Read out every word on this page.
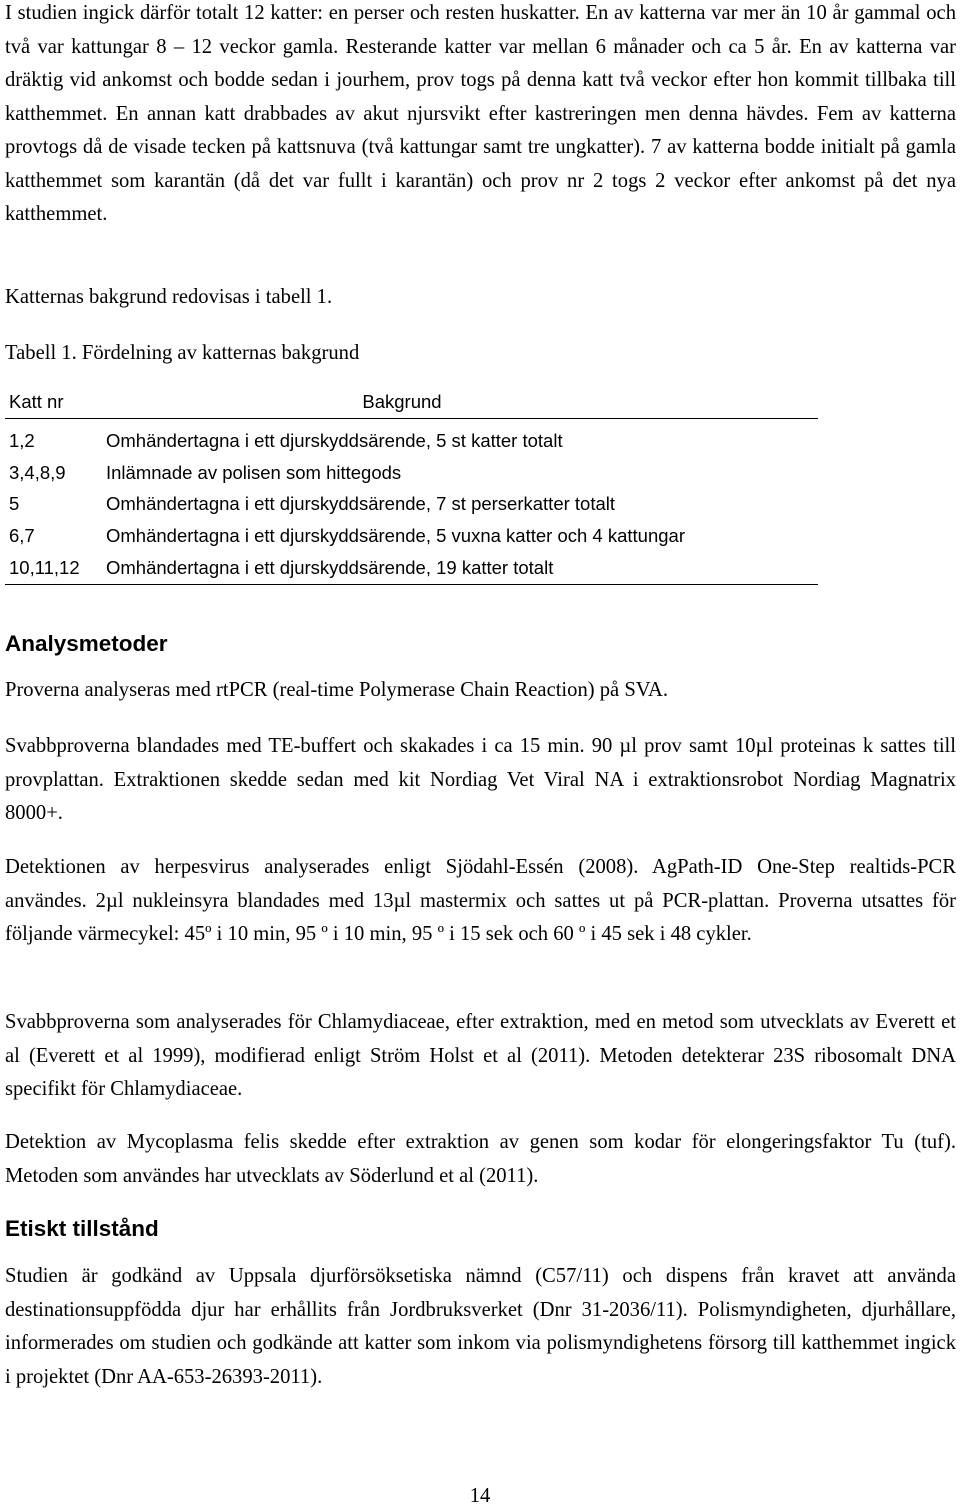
I studien ingick därför totalt 12 katter: en perser och resten huskatter. En av katterna var mer än 10 år gammal och två var kattungar 8 – 12 veckor gamla. Resterande katter var mellan 6 månader och ca 5 år. En av katterna var dräktig vid ankomst och bodde sedan i jourhem, prov togs på denna katt två veckor efter hon kommit tillbaka till katthemmet. En annan katt drabbades av akut njursvikt efter kastreringen men denna hävdes. Fem av katterna provtogs då de visade tecken på kattsnuva (två kattungar samt tre ungkatter). 7 av katterna bodde initialt på gamla katthemmet som karantän (då det var fullt i karantän) och prov nr 2 togs 2 veckor efter ankomst på det nya katthemmet.

Katternas bakgrund redovisas i tabell 1.

Tabell 1. Fördelning av katternas bakgrund

Katt nr	Bakgrund
1,2	Omhändertagna i ett djurskyddsärende, 5 st katter totalt
3,4,8,9	Inlämnade av polisen som hittegods
5	Omhändertagna i ett djurskyddsärende, 7 st perserkatter totalt
6,7	Omhändertagna i ett djurskyddsärende, 5 vuxna katter och 4 kattungar
10,11,12	Omhändertagna i ett djurskyddsärende, 19 katter totalt
Analysmetoder

Proverna analyseras med rtPCR (real-time Polymerase Chain Reaction) på SVA.

Svabbproverna blandades med TE-buffert och skakades i ca 15 min. 90 µl prov samt 10µl proteinas k sattes till provplattan. Extraktionen skedde sedan med kit Nordiag Vet Viral NA i extraktionsrobot Nordiag Magnatrix 8000+.

Detektionen av herpesvirus analyserades enligt Sjödahl-Essén (2008). AgPath-ID One-Step realtids-PCR användes. 2µl nukleinsyra blandades med 13µl mastermix och sattes ut på PCR-plattan. Proverna utsattes för följande värmecykel: 45º i 10 min, 95 º i 10 min, 95 º i 15 sek och 60 º i 45 sek i 48 cykler.

Svabbproverna som analyserades för Chlamydiaceae, efter extraktion, med en metod som utvecklats av Everett et al (Everett et al 1999), modifierad enligt Ström Holst et al (2011). Metoden detekterar 23S ribosomalt DNA specifikt för Chlamydiaceae.

Detektion av Mycoplasma felis skedde efter extraktion av genen som kodar för elongeringsfaktor Tu (tuf). Metoden som användes har utvecklats av Söderlund et al (2011).

Etiskt tillstånd

Studien är godkänd av Uppsala djurförsöksetiska nämnd (C57/11) och dispens från kravet att använda destinationsuppfödda djur har erhållits från Jordbruksverket (Dnr 31-2036/11). Polismyndigheten, djurhållare, informerades om studien och godkände att katter som inkom via polismyndighetens försorg till katthemmet ingick i projektet (Dnr AA-653-26393-2011).

14
